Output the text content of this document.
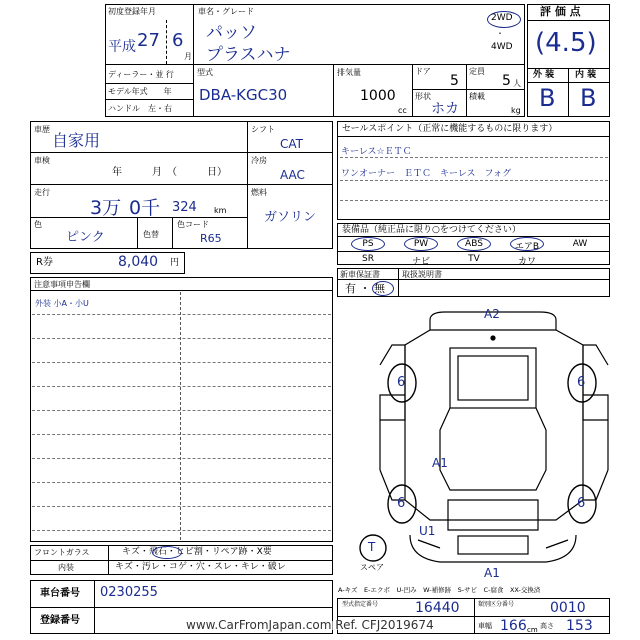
初度登録年月
平成 27 6
月
車名・グレード
パッソ
プラスハナ
2WD
・
4WD
ディーラー・並 行
モデル年式　　年
ハンドル　左・右
型式
DBA-KGC30
排気量
1000
cc
ドア
5
定員
5 人
形状
ホカ
積載
kg
評 価 点
(4.5)
外 装 内 装
B B
車歴
自家用
車検
年　　　月　（　　　日）
走行
3万 0千 324 km
色
ピンク	色替
色コード
R65
シフト
CAT
冷房
AAC
燃料
ガソリン
R券	8,040 円
セールスポイント（正常に機能するものに限ります）
キーレス☆ＥＴＣ
ワンオーナー　ＥＴＣ　キーレス　フォグ
装備品（純正品に限り○をつけてください）
PS	PW	ABS	エアB	AW
SR	ナビ	TV	カワ
新車保証書	取扱説明書
有 ・ 無
注意事項申告欄
外装 小A・小U
フロントガラス	キズ・飛石・ヒビ割・リペア跡・X要
内装	キズ・汚レ・コゲ・穴・スレ・キレ・破レ
車台番号 0230255
登録番号
型式指定番号	16440	類別区分番号	0010
車幅 166 高さ 153
cm
A2
6	6
A1
6	6
U1
T
スペア	A1
A-キズ　E-エクボ　U-凹み　W-補修跡　S-サビ　C-腐食　XX-交換済
www.CarFromJapan.com Ref. CFJ2019674
